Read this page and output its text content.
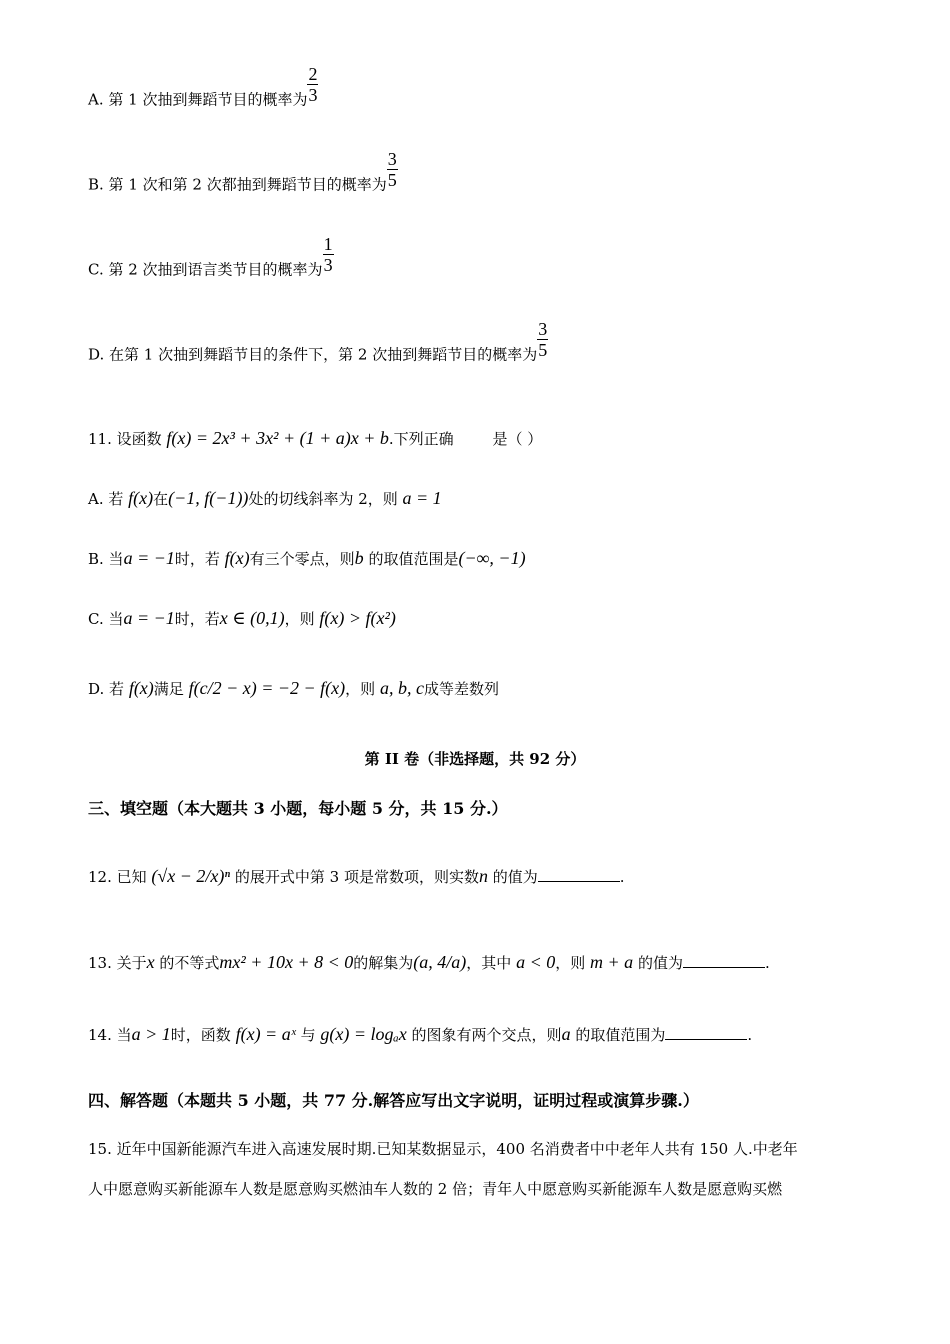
A. 第 1 次抽到舞蹈节目的概率为 $\frac{2}{3}$
B. 第 1 次和第 2 次都抽到舞蹈节目的概率为 $\frac{3}{5}$
C. 第 2 次抽到语言类节目的概率为 $\frac{1}{3}$
D. 在第 1 次抽到舞蹈节目的条件下，第 2 次抽到舞蹈节目的概率为 $\frac{3}{5}$
11. 设函数 f(x) = 2x³ + 3x² + (1 + a)x + b.下列正确	是（ ）
A. 若 f(x)在(−1, f(−1))处的切线斜率为 2，则 a = 1
B. 当a = −1时，若 f(x)有三个零点，则b 的取值范围是(−∞, −1)
C. 当a = −1时，若x ∈ (0,1)，则 f(x) > f(x²)
D. 若 f(x)满足 f(c/2 − x) = −2 − f(x)，则 a, b, c成等差数列
第 II 卷（非选择题，共 92 分）
三、填空题（本大题共 3 小题，每小题 5 分，共 15 分.）
12. 已知 (√x − 2/x)ⁿ 的展开式中第 3 项是常数项，则实数n 的值为	.
13. 关于x 的不等式mx² + 10x + 8 < 0的解集为(a, 4/a)，其中 a < 0，则 m + a 的值为	.
14. 当a > 1时，函数 f(x) = aˣ 与 g(x) = logₐx 的图象有两个交点，则a 的取值范围为	.
四、解答题（本题共 5 小题，共 77 分.解答应写出文字说明，证明过程或演算步骤.）
15. 近年中国新能源汽车进入高速发展时期.已知某数据显示，400 名消费者中中老年人共有 150 人.中老年
人中愿意购买新能源车人数是愿意购买燃油车人数的 2 倍；青年人中愿意购买新能源车人数是愿意购买燃
